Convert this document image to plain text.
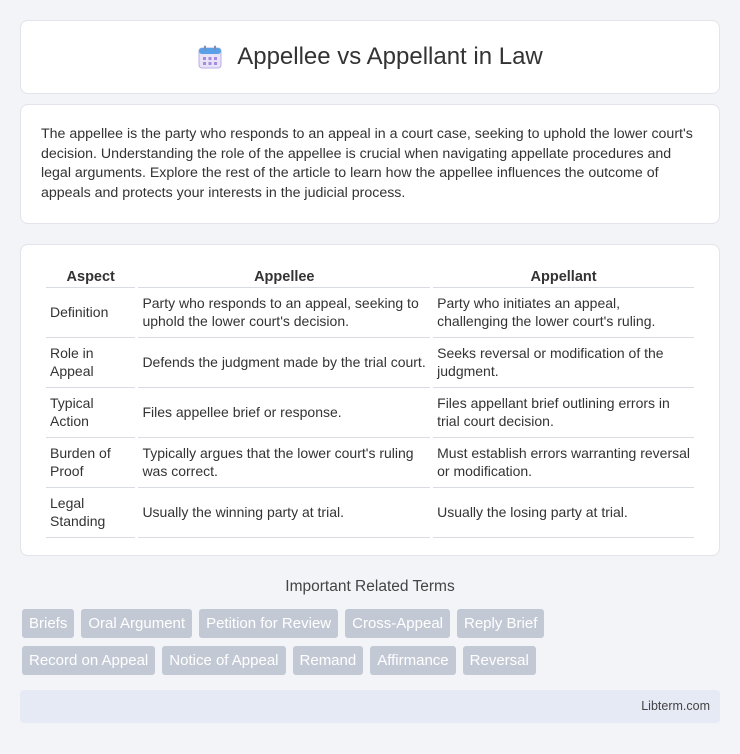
Appellee vs Appellant in Law

The appellee is the party who responds to an appeal in a court case, seeking to uphold the lower court's decision. Understanding the role of the appellee is crucial when navigating appellate procedures and legal arguments. Explore the rest of the article to learn how the appellee influences the outcome of appeals and protects your interests in the judicial process.

Aspect	Appellee	Appellant
Definition	Party who responds to an appeal, seeking to uphold the lower court's decision.	Party who initiates an appeal, challenging the lower court's ruling.
Role in Appeal	Defends the judgment made by the trial court.	Seeks reversal or modification of the judgment.
Typical Action	Files appellee brief or response.	Files appellant brief outlining errors in trial court decision.
Burden of Proof	Typically argues that the lower court's ruling was correct.	Must establish errors warranting reversal or modification.
Legal Standing	Usually the winning party at trial.	Usually the losing party at trial.
Important Related Terms
Briefs	Oral Argument	Petition for Review	Cross-Appeal	Reply Brief
Record on Appeal	Notice of Appeal	Remand	Affirmance	Reversal
Libterm.com
